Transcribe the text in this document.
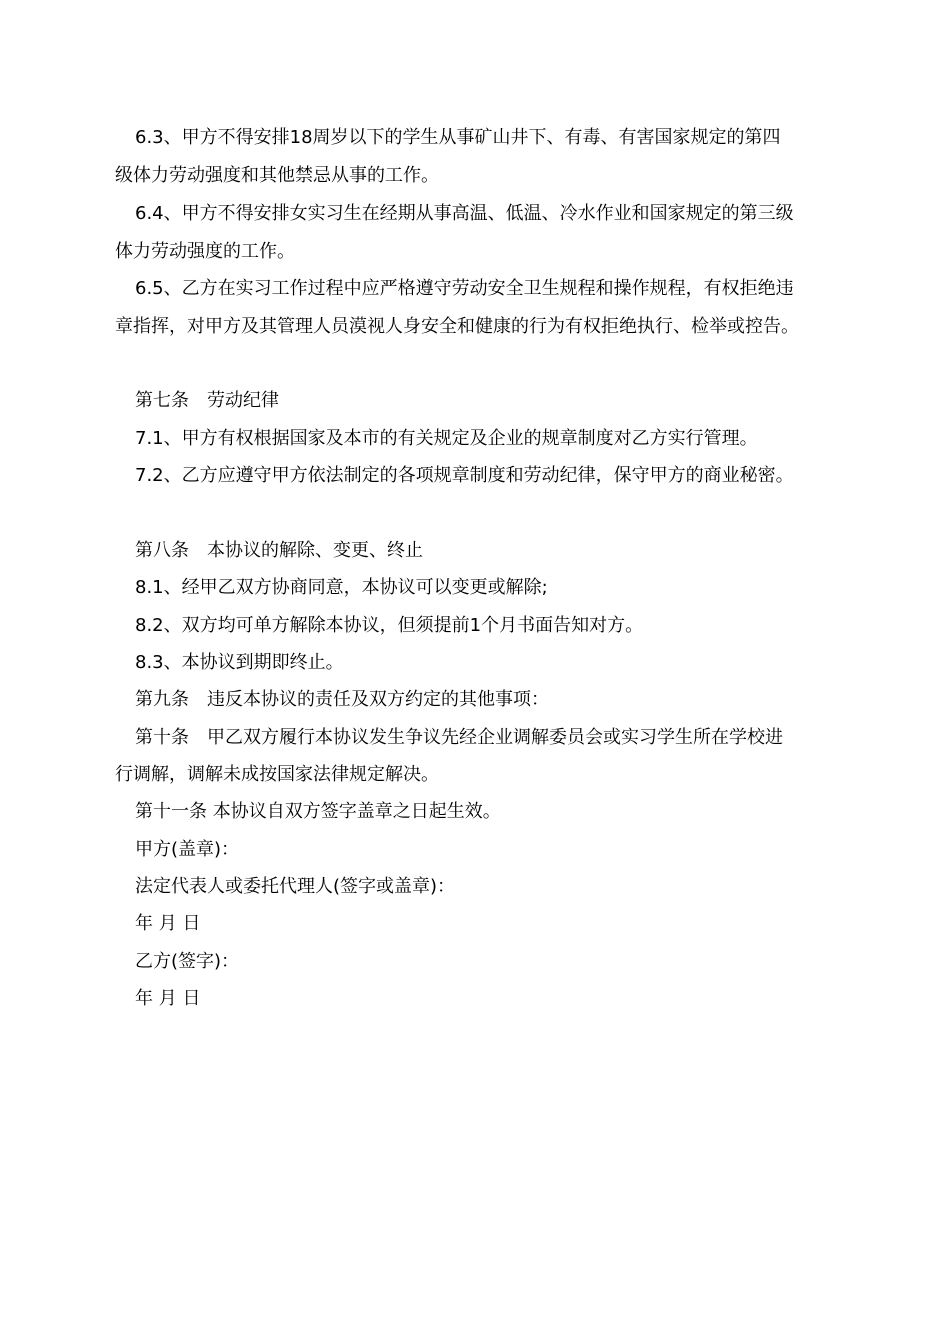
6.3、甲方不得安排18周岁以下的学生从事矿山井下、有毒、有害国家规定的第四
级体力劳动强度和其他禁忌从事的工作。
6.4、甲方不得安排女实习生在经期从事高温、低温、冷水作业和国家规定的第三级
体力劳动强度的工作。
6.5、乙方在实习工作过程中应严格遵守劳动安全卫生规程和操作规程，有权拒绝违
章指挥，对甲方及其管理人员漠视人身安全和健康的行为有权拒绝执行、检举或控告。
第七条　劳动纪律
7.1、甲方有权根据国家及本市的有关规定及企业的规章制度对乙方实行管理。
7.2、乙方应遵守甲方依法制定的各项规章制度和劳动纪律，保守甲方的商业秘密。
第八条　本协议的解除、变更、终止
8.1、经甲乙双方协商同意，本协议可以变更或解除;
8.2、双方均可单方解除本协议，但须提前1个月书面告知对方。
8.3、本协议到期即终止。
第九条　违反本协议的责任及双方约定的其他事项：
第十条　甲乙双方履行本协议发生争议先经企业调解委员会或实习学生所在学校进
行调解，调解未成按国家法律规定解决。
第十一条 本协议自双方签字盖章之日起生效。
甲方(盖章)：
法定代表人或委托代理人(签字或盖章)：
年 月 日
乙方(签字)：
年 月 日
